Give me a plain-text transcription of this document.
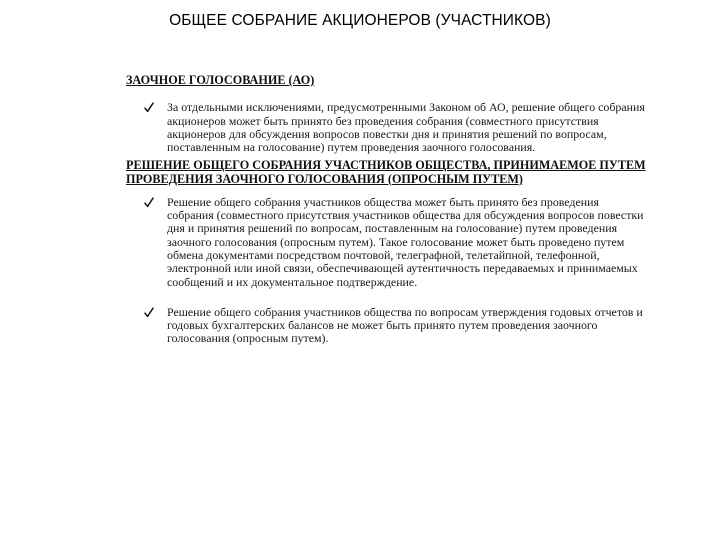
ОБЩЕЕ СОБРАНИЕ АКЦИОНЕРОВ (УЧАСТНИКОВ)

ЗАОЧНОЕ ГОЛОСОВАНИЕ (АО)

За отдельными исключениями, предусмотренными Законом об АО, решение общего собрания акционеров может быть принято без проведения собрания (совместного присутствия акционеров для обсуждения вопросов повестки дня и принятия решений по вопросам, поставленным на голосование) путем проведения заочного голосования.

РЕШЕНИЕ ОБЩЕГО СОБРАНИЯ УЧАСТНИКОВ ОБЩЕСТВА, ПРИНИМАЕМОЕ ПУТЕМ ПРОВЕДЕНИЯ ЗАОЧНОГО ГОЛОСОВАНИЯ (ОПРОСНЫМ ПУТЕМ)

Решение общего собрания участников общества может быть принято без проведения собрания (совместного присутствия участников общества для обсуждения вопросов повестки дня и принятия решений по вопросам, поставленным на голосование) путем проведения заочного голосования (опросным путем). Такое голосование может быть проведено путем обмена документами посредством почтовой, телеграфной, телетайпной, телефонной, электронной или иной связи, обеспечивающей аутентичность передаваемых и принимаемых сообщений и их документальное подтверждение.
Решение общего собрания участников общества по вопросам утверждения годовых отчетов и годовых бухгалтерских балансов не может быть принято путем проведения заочного голосования (опросным путем).
